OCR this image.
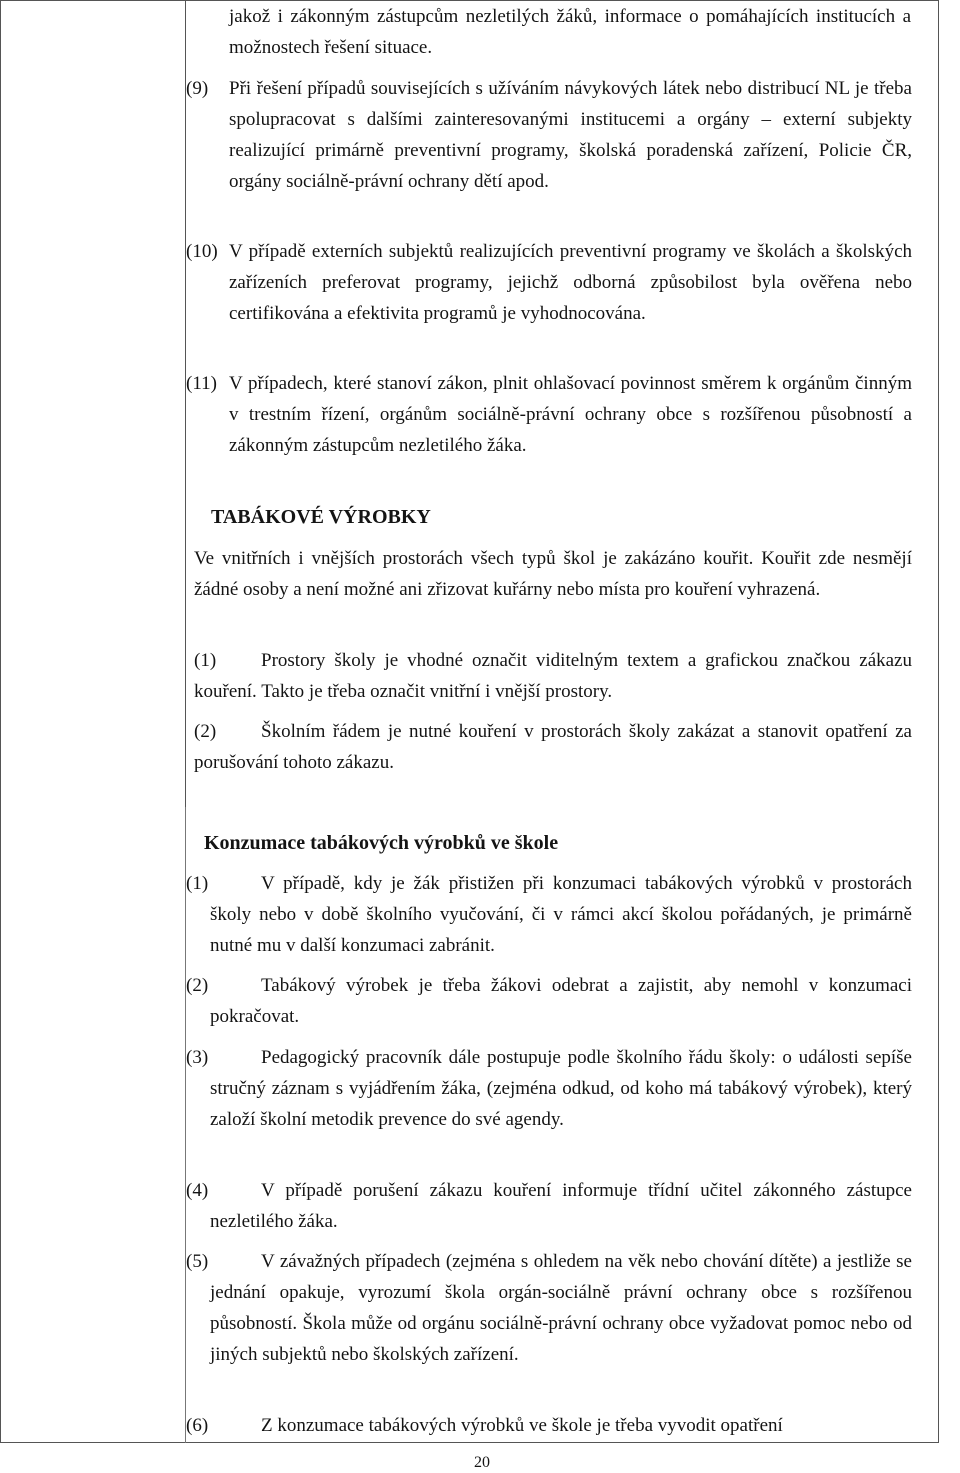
jakož i zákonným zástupcům nezletilých žáků, informace o pomáhajících institucích a možnostech řešení situace.

(9) Při řešení případů souvisejících s užíváním návykových látek nebo distribucí NL je třeba spolupracovat s dalšími zainteresovanými institucemi a orgány – externí subjekty realizující primárně preventivní programy, školská poradenská zařízení, Policie ČR, orgány sociálně-právní ochrany dětí apod.
(10) V případě externích subjektů realizujících preventivní programy ve školách a školských zařízeních preferovat programy, jejichž odborná způsobilost byla ověřena nebo certifikována a efektivita programů je vyhodnocována.
(11) V případech, které stanoví zákon, plnit ohlašovací povinnost směrem k orgánům činným v trestním řízení, orgánům sociálně-právní ochrany obce s rozšířenou působností a zákonným zástupcům nezletilého žáka.
TABÁKOVÉ VÝROBKY

Ve vnitřních i vnějších prostorách všech typů škol je zakázáno kouřit. Kouřit zde nesmějí žádné osoby a není možné ani zřizovat kuřárny nebo místa pro kouření vyhrazená.

(1)	Prostory školy je vhodné označit viditelným textem a grafickou značkou zákazu kouření. Takto je třeba označit vnitřní i vnější prostory.
(2)	Školním řádem je nutné kouření v prostorách školy zakázat a stanovit opatření za porušování tohoto zákazu.
Konzumace tabákových výrobků ve škole
(1)	V případě, kdy je žák přistižen při konzumaci tabákových výrobků v prostorách školy nebo v době školního vyučování, či v rámci akcí školou pořádaných, je primárně nutné mu v další konzumaci zabránit.
(2)	Tabákový výrobek je třeba žákovi odebrat a zajistit, aby nemohl v konzumaci pokračovat.
(3)	Pedagogický pracovník dále postupuje podle školního řádu školy: o události sepíše stručný záznam s vyjádřením žáka, (zejména odkud, od koho má tabákový výrobek), který založí školní metodik prevence do své agendy.
(4)	V případě porušení zákazu kouření informuje třídní učitel zákonného zástupce nezletilého žáka.
(5)	V závažných případech (zejména s ohledem na věk nebo chování dítěte) a jestliže se jednání opakuje, vyrozumí škola orgán-sociálně právní ochrany obce s rozšířenou působností. Škola může od orgánu sociálně-právní ochrany obce vyžadovat pomoc nebo od jiných subjektů nebo školských zařízení.
(6)	Z konzumace tabákových výrobků ve škole je třeba vyvodit opatření
20
